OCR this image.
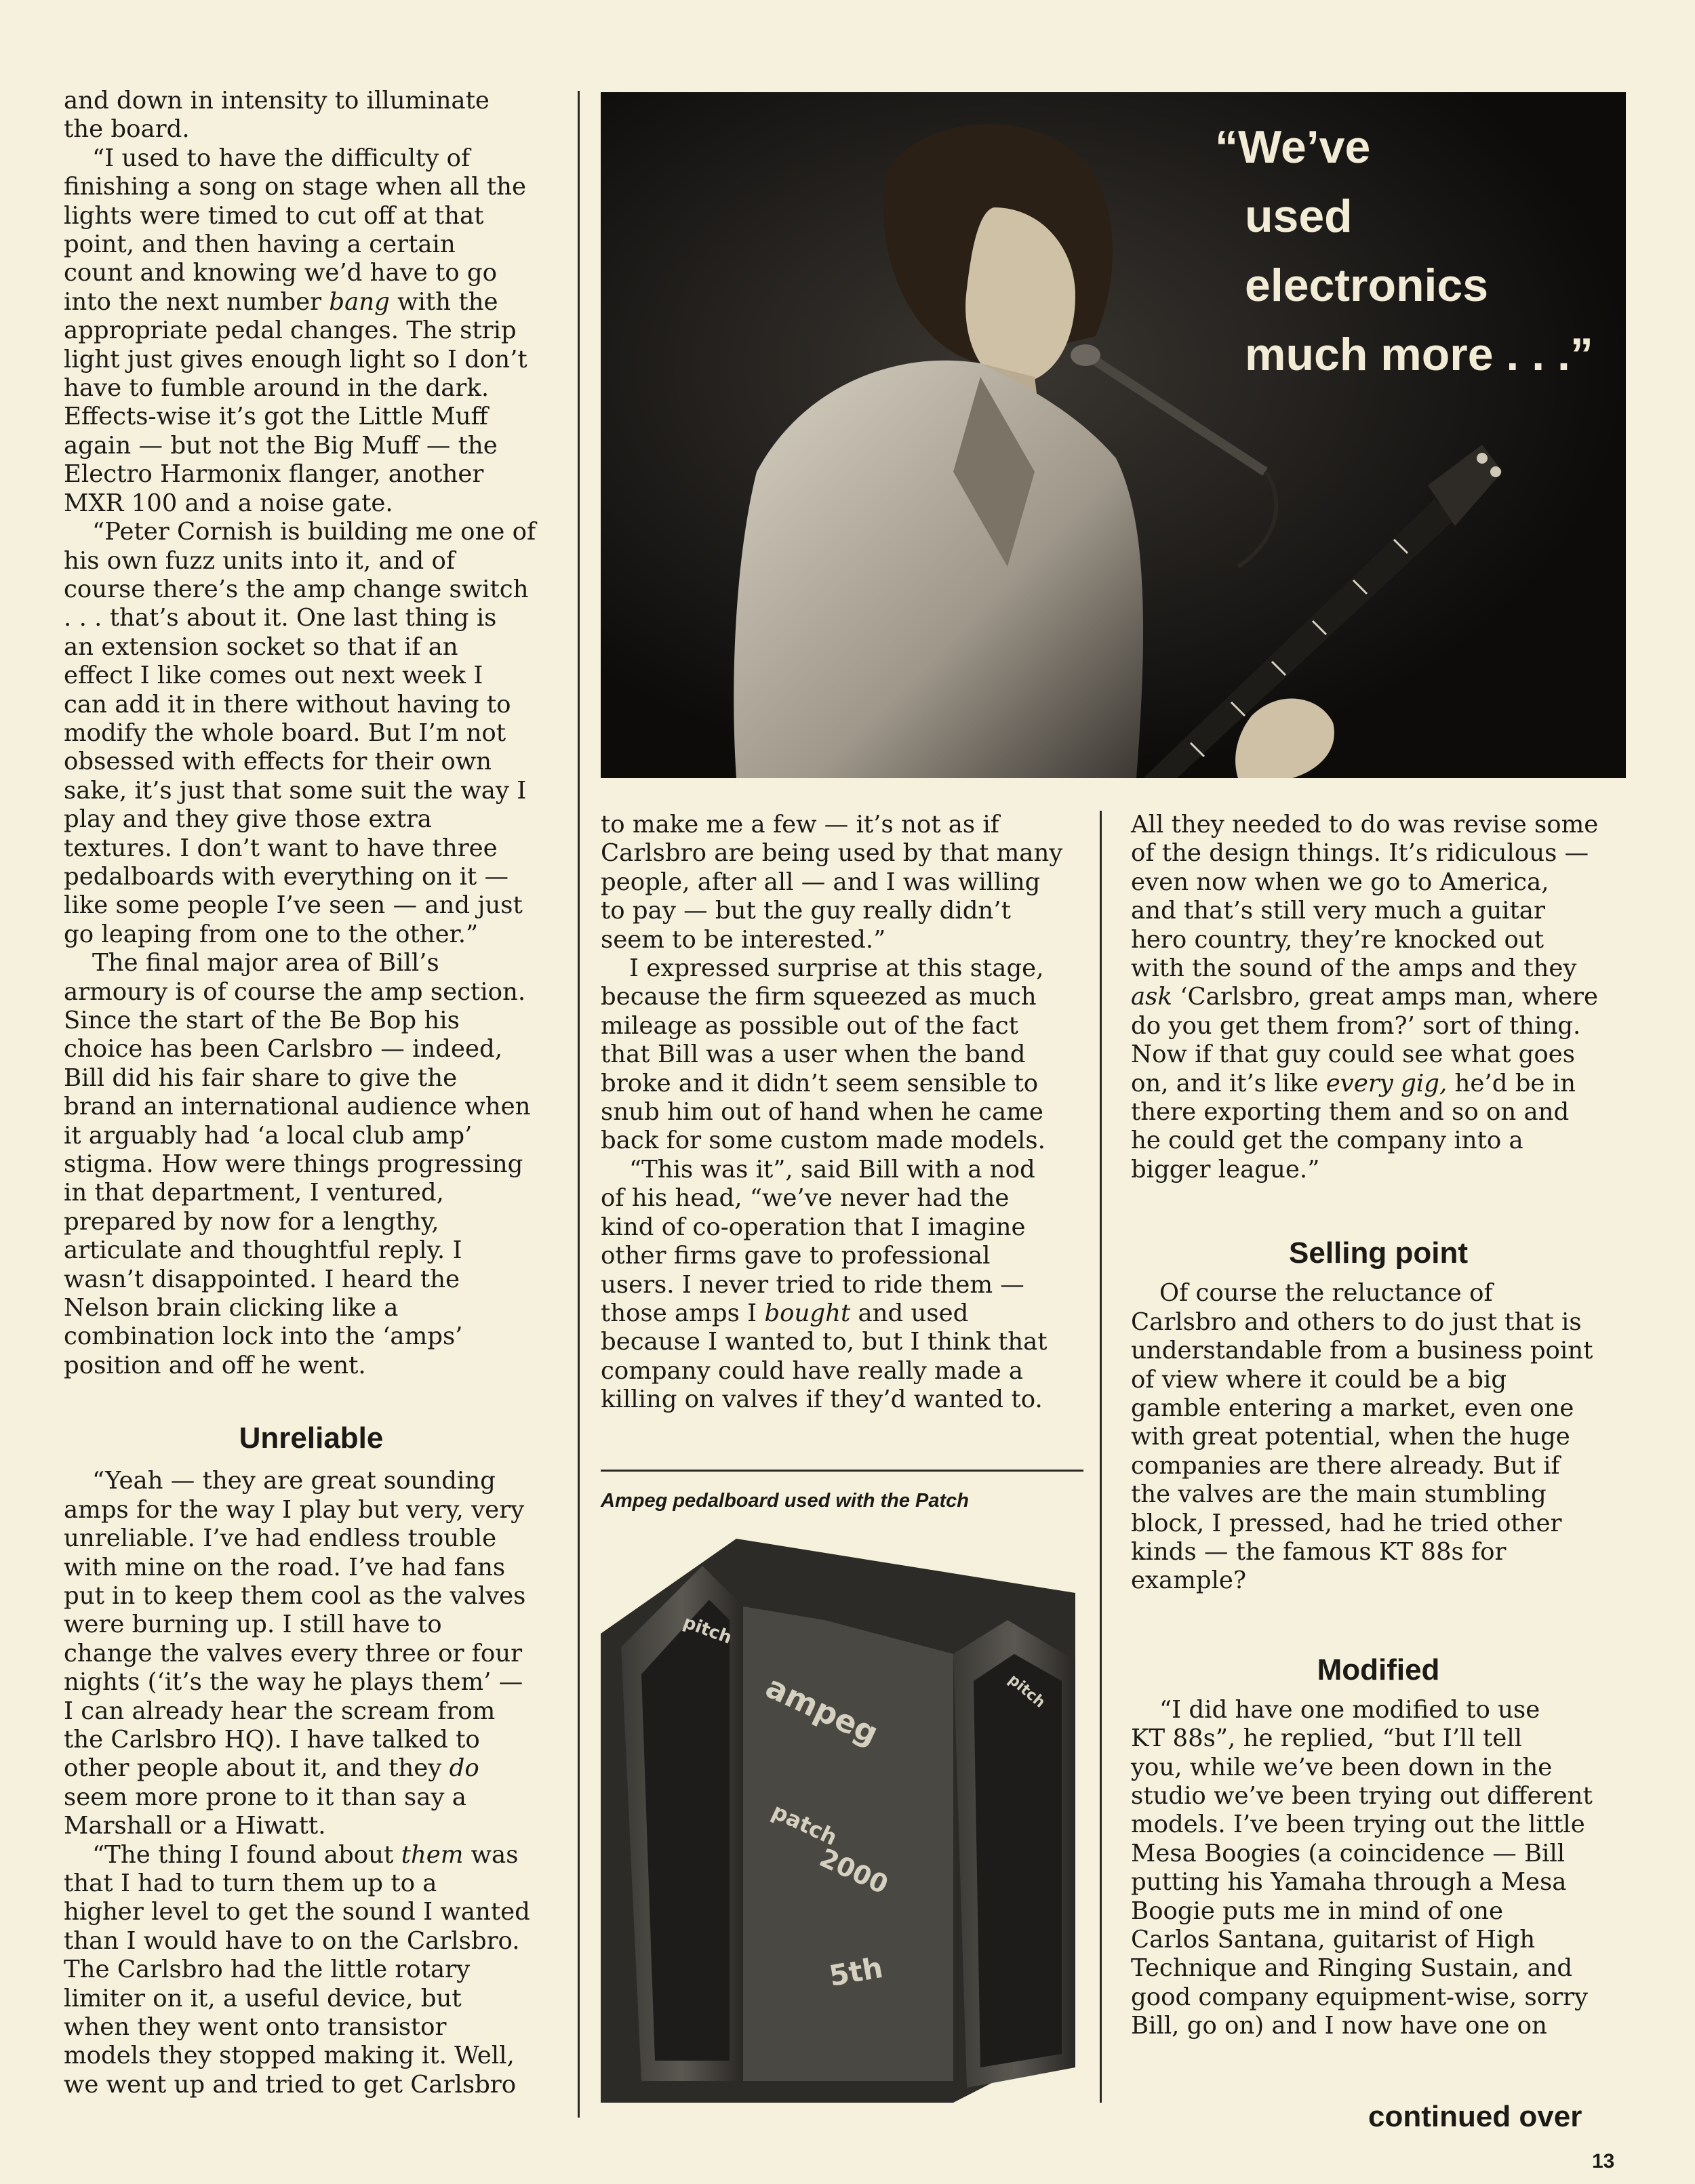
and down in intensity to illuminate

the board.

“I used to have the difficulty of

finishing a song on stage when all the

lights were timed to cut off at that

point, and then having a certain

count and knowing we’d have to go

into the next number bang with the

appropriate pedal changes. The strip

light just gives enough light so I don’t

have to fumble around in the dark.

Effects-wise it’s got the Little Muff

again — but not the Big Muff — the

Electro Harmonix flanger, another

MXR 100 and a noise gate.

“Peter Cornish is building me one of

his own fuzz units into it, and of

course there’s the amp change switch

. . . that’s about it. One last thing is

an extension socket so that if an

effect I like comes out next week I

can add it in there without having to

modify the whole board. But I’m not

obsessed with effects for their own

sake, it’s just that some suit the way I

play and they give those extra

textures. I don’t want to have three

pedalboards with everything on it —

like some people I’ve seen — and just

go leaping from one to the other.”

The final major area of Bill’s

armoury is of course the amp section.

Since the start of the Be Bop his

choice has been Carlsbro — indeed,

Bill did his fair share to give the

brand an international audience when

it arguably had ‘a local club amp’

stigma. How were things progressing

in that department, I ventured,

prepared by now for a lengthy,

articulate and thoughtful reply. I

wasn’t disappointed. I heard the

Nelson brain clicking like a

combination lock into the ‘amps’

position and off he went.

Unreliable

“Yeah — they are great sounding

amps for the way I play but very, very

unreliable. I’ve had endless trouble

with mine on the road. I’ve had fans

put in to keep them cool as the valves

were burning up. I still have to

change the valves every three or four

nights (‘it’s the way he plays them’ —

I can already hear the scream from

the Carlsbro HQ). I have talked to

other people about it, and they do

seem more prone to it than say a

Marshall or a Hiwatt.

“The thing I found about them was

that I had to turn them up to a

higher level to get the sound I wanted

than I would have to on the Carlsbro.

The Carlsbro had the little rotary

limiter on it, a useful device, but

when they went onto transistor

models they stopped making it. Well,

we went up and tried to get Carlsbro

“We’ve
used
electronics
much more . . .”

to make me a few — it’s not as if

Carlsbro are being used by that many

people, after all — and I was willing

to pay — but the guy really didn’t

seem to be interested.”

I expressed surprise at this stage,

because the firm squeezed as much

mileage as possible out of the fact

that Bill was a user when the band

broke and it didn’t seem sensible to

snub him out of hand when he came

back for some custom made models.

“This was it”, said Bill with a nod

of his head, “we’ve never had the

kind of co-operation that I imagine

other firms gave to professional

users. I never tried to ride them —

those amps I bought and used

because I wanted to, but I think that

company could have really made a

killing on valves if they’d wanted to.

Ampeg pedalboard used with the Patch
pitch
ampeg
patch
2000
5th
pitch

All they needed to do was revise some

of the design things. It’s ridiculous —

even now when we go to America,

and that’s still very much a guitar

hero country, they’re knocked out

with the sound of the amps and they

ask ‘Carlsbro, great amps man, where

do you get them from?’ sort of thing.

Now if that guy could see what goes

on, and it’s like every gig, he’d be in

there exporting them and so on and

he could get the company into a

bigger league.”

Selling point

Of course the reluctance of

Carlsbro and others to do just that is

understandable from a business point

of view where it could be a big

gamble entering a market, even one

with great potential, when the huge

companies are there already. But if

the valves are the main stumbling

block, I pressed, had he tried other

kinds — the famous KT 88s for

example?

Modified

“I did have one modified to use

KT 88s”, he replied, “but I’ll tell

you, while we’ve been down in the

studio we’ve been trying out different

models. I’ve been trying out the little

Mesa Boogies (a coincidence — Bill

putting his Yamaha through a Mesa

Boogie puts me in mind of one

Carlos Santana, guitarist of High

Technique and Ringing Sustain, and

good company equipment-wise, sorry

Bill, go on) and I now have one on

continued over
13
